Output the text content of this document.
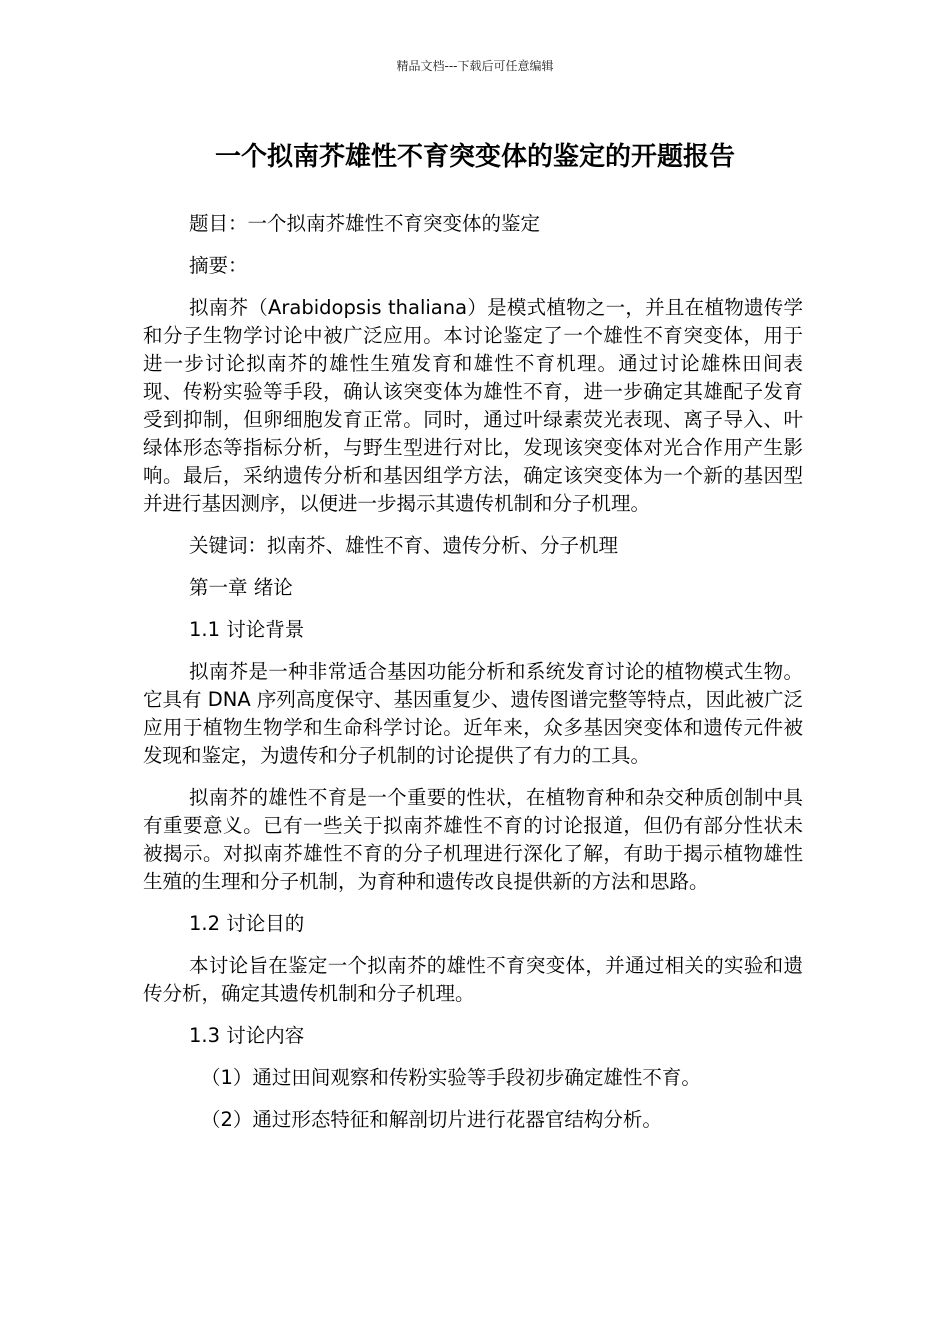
精品文档---下载后可任意编辑
一个拟南芥雄性不育突变体的鉴定的开题报告

题目：一个拟南芥雄性不育突变体的鉴定

摘要：

拟南芥（Arabidopsis thaliana）是模式植物之一，并且在植物遗传学和分子生物学讨论中被广泛应用。本讨论鉴定了一个雄性不育突变体，用于进一步讨论拟南芥的雄性生殖发育和雄性不育机理。通过讨论雄株田间表现、传粉实验等手段，确认该突变体为雄性不育，进一步确定其雄配子发育受到抑制，但卵细胞发育正常。同时，通过叶绿素荧光表现、离子导入、叶绿体形态等指标分析，与野生型进行对比，发现该突变体对光合作用产生影响。最后，采纳遗传分析和基因组学方法，确定该突变体为一个新的基因型并进行基因测序，以便进一步揭示其遗传机制和分子机理。

关键词：拟南芥、雄性不育、遗传分析、分子机理

第一章 绪论

1.1 讨论背景

拟南芥是一种非常适合基因功能分析和系统发育讨论的植物模式生物。它具有 DNA 序列高度保守、基因重复少、遗传图谱完整等特点，因此被广泛应用于植物生物学和生命科学讨论。近年来，众多基因突变体和遗传元件被发现和鉴定，为遗传和分子机制的讨论提供了有力的工具。

拟南芥的雄性不育是一个重要的性状，在植物育种和杂交种质创制中具有重要意义。已有一些关于拟南芥雄性不育的讨论报道，但仍有部分性状未被揭示。对拟南芥雄性不育的分子机理进行深化了解，有助于揭示植物雄性生殖的生理和分子机制，为育种和遗传改良提供新的方法和思路。

1.2 讨论目的

本讨论旨在鉴定一个拟南芥的雄性不育突变体，并通过相关的实验和遗传分析，确定其遗传机制和分子机理。

1.3 讨论内容

（1）通过田间观察和传粉实验等手段初步确定雄性不育。

（2）通过形态特征和解剖切片进行花器官结构分析。
